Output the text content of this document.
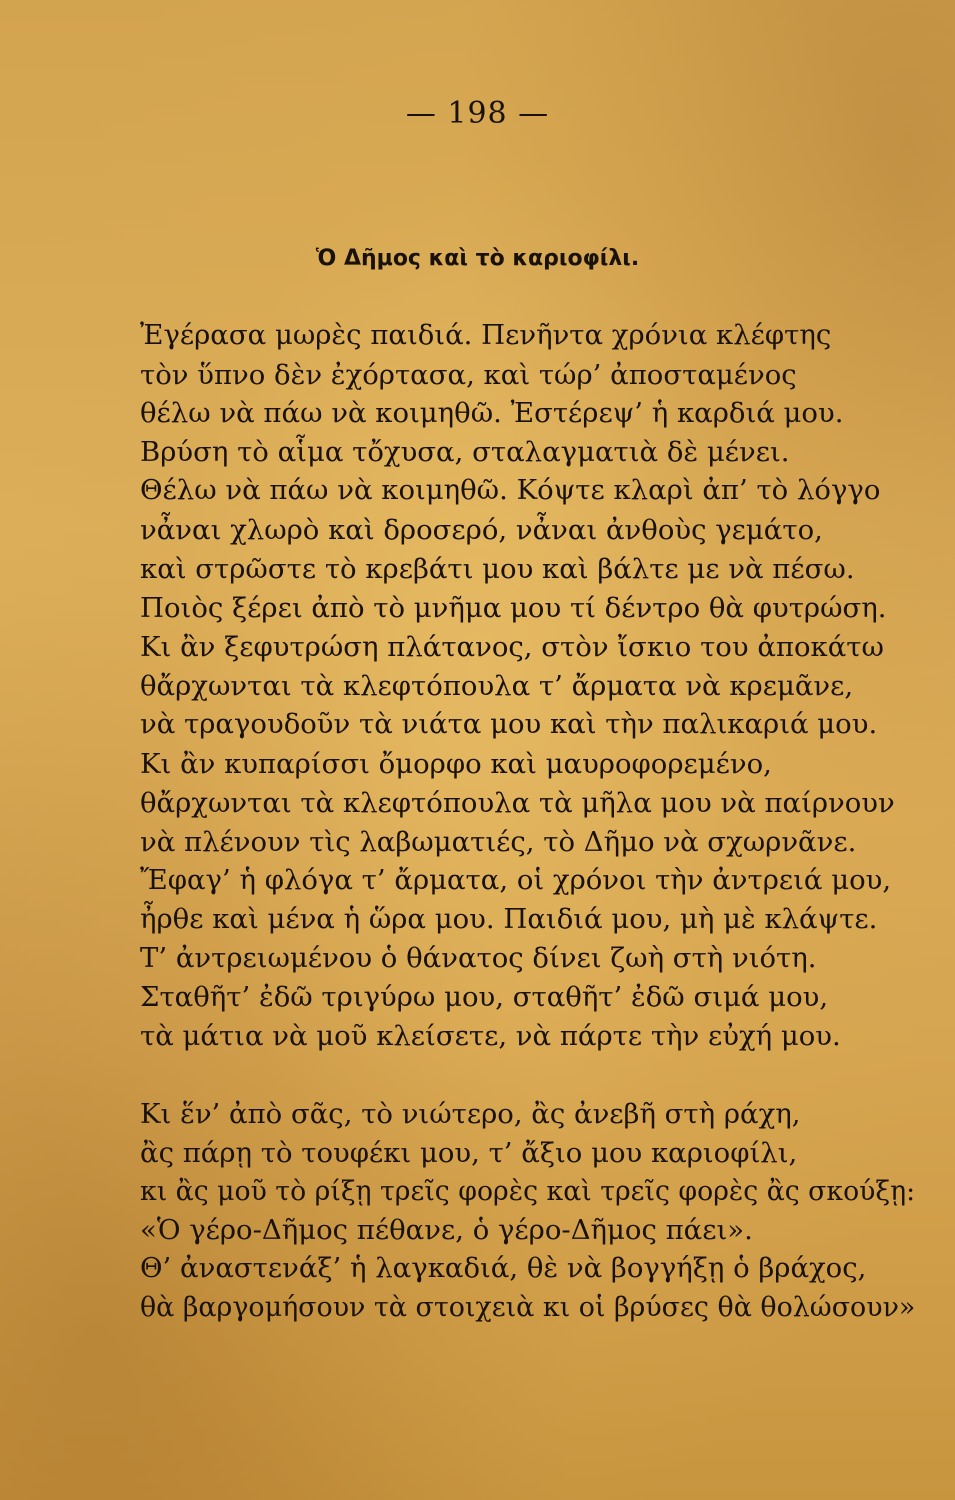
— 198 —
Ὁ Δῆμος καὶ τὸ καριοφίλι.
Ἐγέρασα μωρὲς παιδιά. Πενῆντα χρόνια κλέφτης
τὸν ὕπνο δὲν ἐχόρτασα, καὶ τώρ’ ἀποσταμένος
θέλω νὰ πάω νὰ κοιμηθῶ. Ἐστέρεψ’ ἡ καρδιά μου.
Βρύση τὸ αἷμα τὄχυσα, σταλαγματιὰ δὲ μένει.
Θέλω νὰ πάω νὰ κοιμηθῶ. Κόψτε κλαρὶ ἀπ’ τὸ λόγγο
νἆναι χλωρὸ καὶ δροσερό, νἆναι ἀνθοὺς γεμάτο,
καὶ στρῶστε τὸ κρεβάτι μου καὶ βάλτε με νὰ πέσω.
Ποιὸς ξέρει ἀπὸ τὸ μνῆμα μου τί δέντρο θὰ φυτρώση.
Κι ἂν ξεφυτρώση πλάτανος, στὸν ἴσκιο του ἀποκάτω
θἄρχωνται τὰ κλεφτόπουλα τ’ ἄρματα νὰ κρεμᾶνε,
νὰ τραγουδοῦν τὰ νιάτα μου καὶ τὴν παλικαριά μου.
Κι ἂν κυπαρίσσι ὄμορφο καὶ μαυροφορεμένο,
θἄρχωνται τὰ κλεφτόπουλα τὰ μῆλα μου νὰ παίρνουν
νὰ πλένουν τὶς λαβωματιές, τὸ Δῆμο νὰ σχωρνᾶνε.
Ἔφαγ’ ἡ φλόγα τ’ ἄρματα, οἱ χρόνοι τὴν ἀντρειά μου,
ἦρθε καὶ μένα ἡ ὥρα μου. Παιδιά μου, μὴ μὲ κλάψτε.
Τ’ ἀντρειωμένου ὁ θάνατος δίνει ζωὴ στὴ νιότη.
Σταθῆτ’ ἐδῶ τριγύρω μου, σταθῆτ’ ἐδῶ σιμά μου,
τὰ μάτια νὰ μοῦ κλείσετε, νὰ πάρτε τὴν εὐχή μου.
Κι ἕν’ ἀπὸ σᾶς, τὸ νιώτερο, ἂς ἀνεβῆ στὴ ράχη,
ἂς πάρῃ τὸ τουφέκι μου, τ’ ἄξιο μου καριοφίλι,
κι ἂς μοῦ τὸ ρίξῃ τρεῖς φορὲς καὶ τρεῖς φορὲς ἂς σκούξῃ:
«Ὁ γέρο-Δῆμος πέθανε, ὁ γέρο-Δῆμος πάει».
Θ’ ἀναστενάξ’ ἡ λαγκαδιά, θὲ νὰ βογγήξῃ ὁ βράχος,
θὰ βαργομήσουν τὰ στοιχειὰ κι οἱ βρύσες θὰ θολώσουν»
